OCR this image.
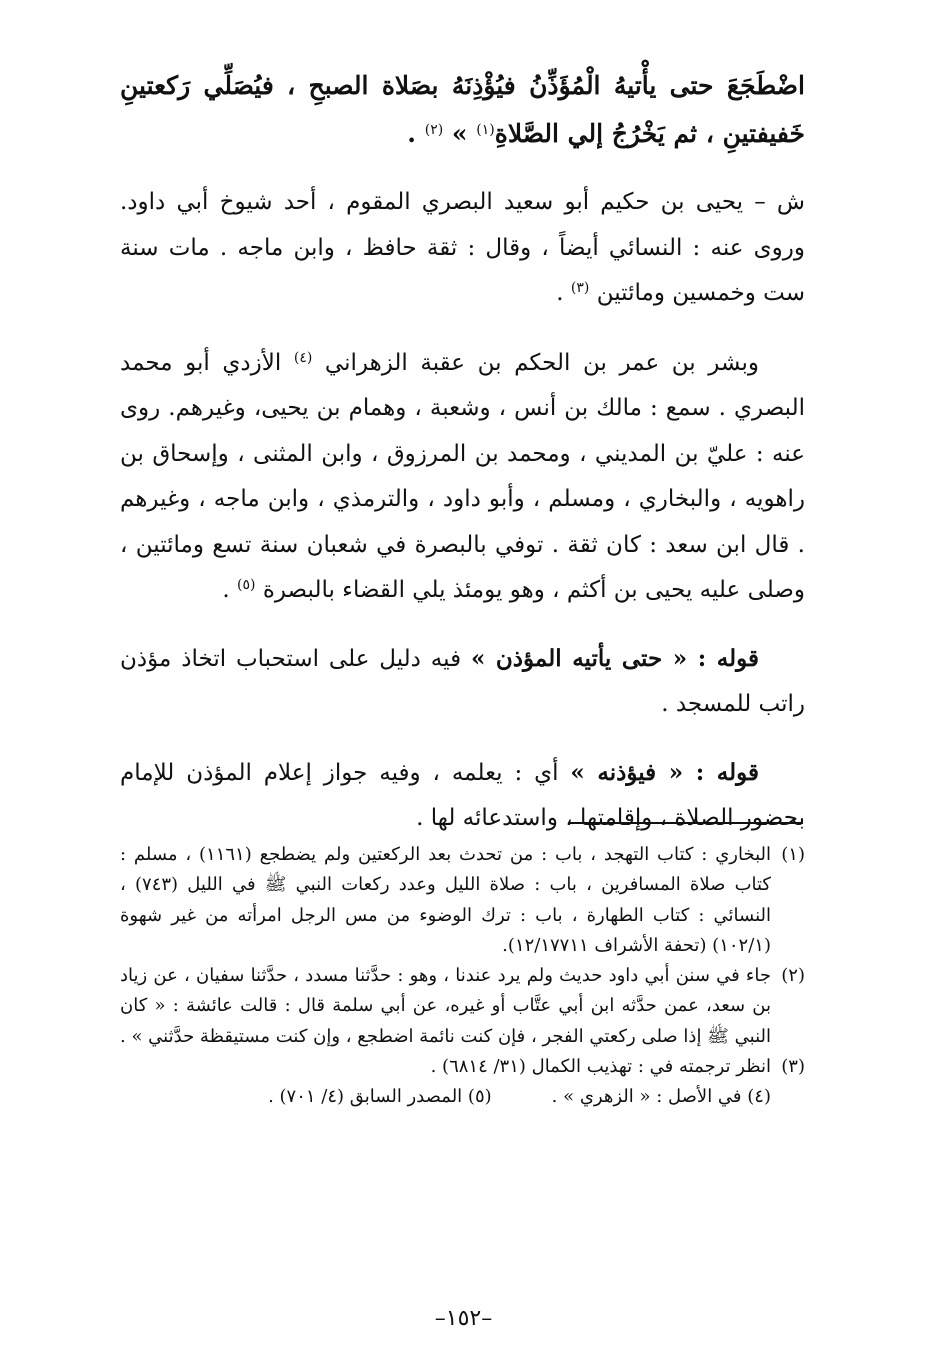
اضْطَجَعَ حتى يأْتيهُ الْمُؤَذِّنُ فيُؤْذِنَهُ بصَلاة الصبحِ ، فيُصَلِّي رَكعتينِ خَفيفتينِ ، ثم يَخْرُجُ إلي الصَّلاةِ$^{(١)}$ » $^{(٢)}$ .

ش – يحيى بن حكيم أبو سعيد البصري المقوم ، أحد شيوخ أبي داود. وروى عنه : النسائي أيضاً ، وقال : ثقة حافظ ، وابن ماجه . مات سنة ست وخمسين ومائتين $^{(٣)}$ .

وبشر بن عمر بن الحكم بن عقبة الزهراني $^{(٤)}$ الأزدي أبو محمد البصري . سمع : مالك بن أنس ، وشعبة ، وهمام بن يحيى، وغيرهم. روى عنه : عليّ بن المديني ، ومحمد بن المرزوق ، وابن المثنى ، وإسحاق بن راهويه ، والبخاري ، ومسلم ، وأبو داود ، والترمذي ، وابن ماجه ، وغيرهم . قال ابن سعد : كان ثقة . توفي بالبصرة في شعبان سنة تسع ومائتين ، وصلى عليه يحيى بن أكثم ، وهو يومئذ يلي القضاء بالبصرة $^{(٥)}$ .

قوله : « حتى يأتيه المؤذن » فيه دليل على استحباب اتخاذ مؤذن راتب للمسجد .

قوله : « فيؤذنه » أي : يعلمه ، وفيه جواز إعلام المؤذن للإمام بحضور الصلاة ، وإقامتها ، واستدعائه لها .

(١)
البخاري : كتاب التهجد ، باب : من تحدث بعد الركعتين ولم يضطجع (١١٦١) ، مسلم : كتاب صلاة المسافرين ، باب : صلاة الليل وعدد ركعات النبي ﷺ في الليل (٧٤٣) ، النسائي : كتاب الطهارة ، باب : ترك الوضوء من مس الرجل امرأته من غير شهوة (١٠٢/١) (تحفة الأشراف ١٢/١٧٧١١).

(٢)
جاء في سنن أبي داود حديث ولم يرد عندنا ، وهو : حدَّثنا مسدد ، حدَّثنا سفيان ، عن زياد بن سعد، عمن حدَّثه ابن أبي عتَّاب أو غيره، عن أبي سلمة قال : قالت عائشة : « كان النبي ﷺ إذا صلى ركعتي الفجر ، فإن كنت نائمة اضطجع ، وإن كنت مستيقظة حدَّثني » .

(٣)
انظر ترجمته في : تهذيب الكمال (٣١/ ٦٨١٤) .

(٤) في الأصل : « الزهري » .
(٥) المصدر السابق (٤/ ٧٠١) .

–١٥٢–
